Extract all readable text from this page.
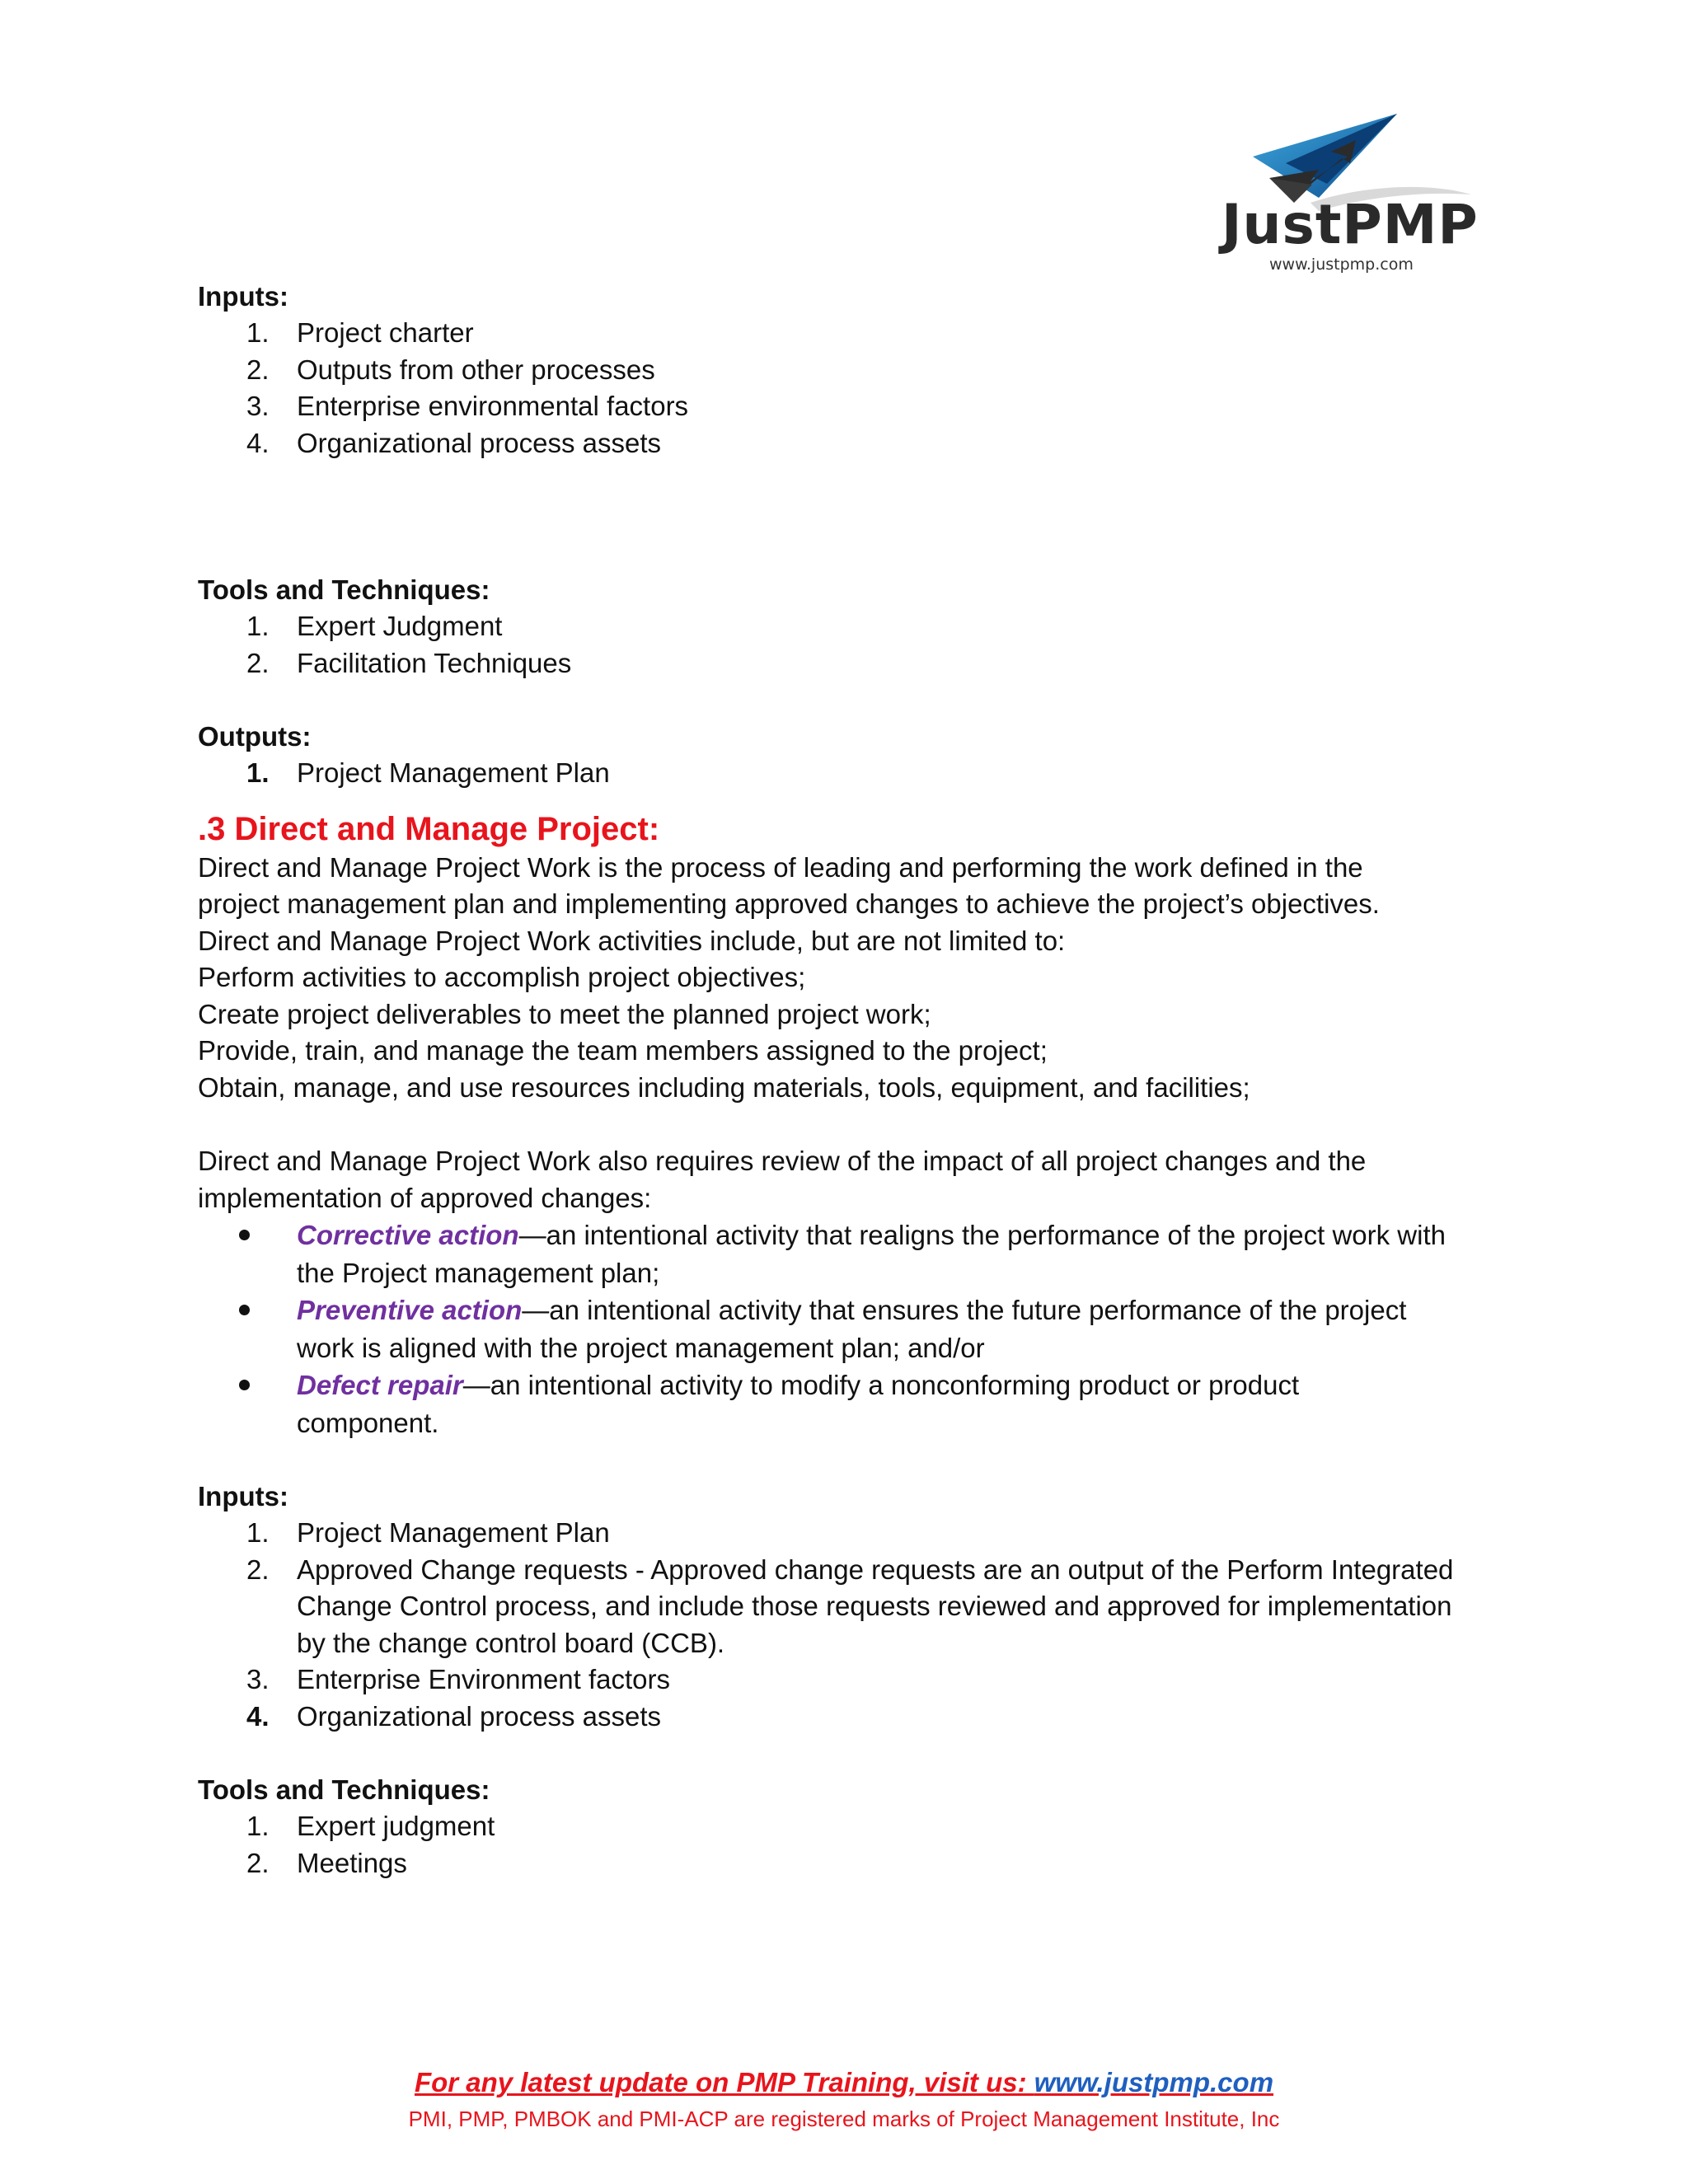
JustPMP
www.justpmp.com

Inputs:

1.	Project charter
2.	Outputs from other processes
3.	Enterprise environmental factors
4.	Organizational process assets

Tools and Techniques:

1.	Expert Judgment
2.	Facilitation Techniques

Outputs:

1.	Project Management Plan

.3 Direct and Manage Project:

Direct and Manage Project Work is the process of leading and performing the work defined in the
project management plan and implementing approved changes to achieve the project’s objectives.
Direct and Manage Project Work activities include, but are not limited to:
Perform activities to accomplish project objectives;
Create project deliverables to meet the planned project work;
Provide, train, and manage the team members assigned to the project;
Obtain, manage, and use resources including materials, tools, equipment, and facilities;

Direct and Manage Project Work also requires review of the impact of all project changes and the
implementation of approved changes:

Corrective action—an intentional activity that realigns the performance of the project work with
the Project management plan;
Preventive action—an intentional activity that ensures the future performance of the project
work is aligned with the project management plan; and/or
Defect repair—an intentional activity to modify a nonconforming product or product
component.

Inputs:

1.	Project Management Plan
2.	Approved Change requests - Approved change requests are an output of the Perform Integrated
Change Control process, and include those requests reviewed and approved for implementation
by the change control board (CCB).
3.	Enterprise Environment factors
4.	Organizational process assets

Tools and Techniques:

1.	Expert judgment
2.	Meetings
For any latest update on PMP Training, visit us: www.justpmp.com
PMI, PMP, PMBOK and PMI-ACP are registered marks of Project Management Institute, Inc
